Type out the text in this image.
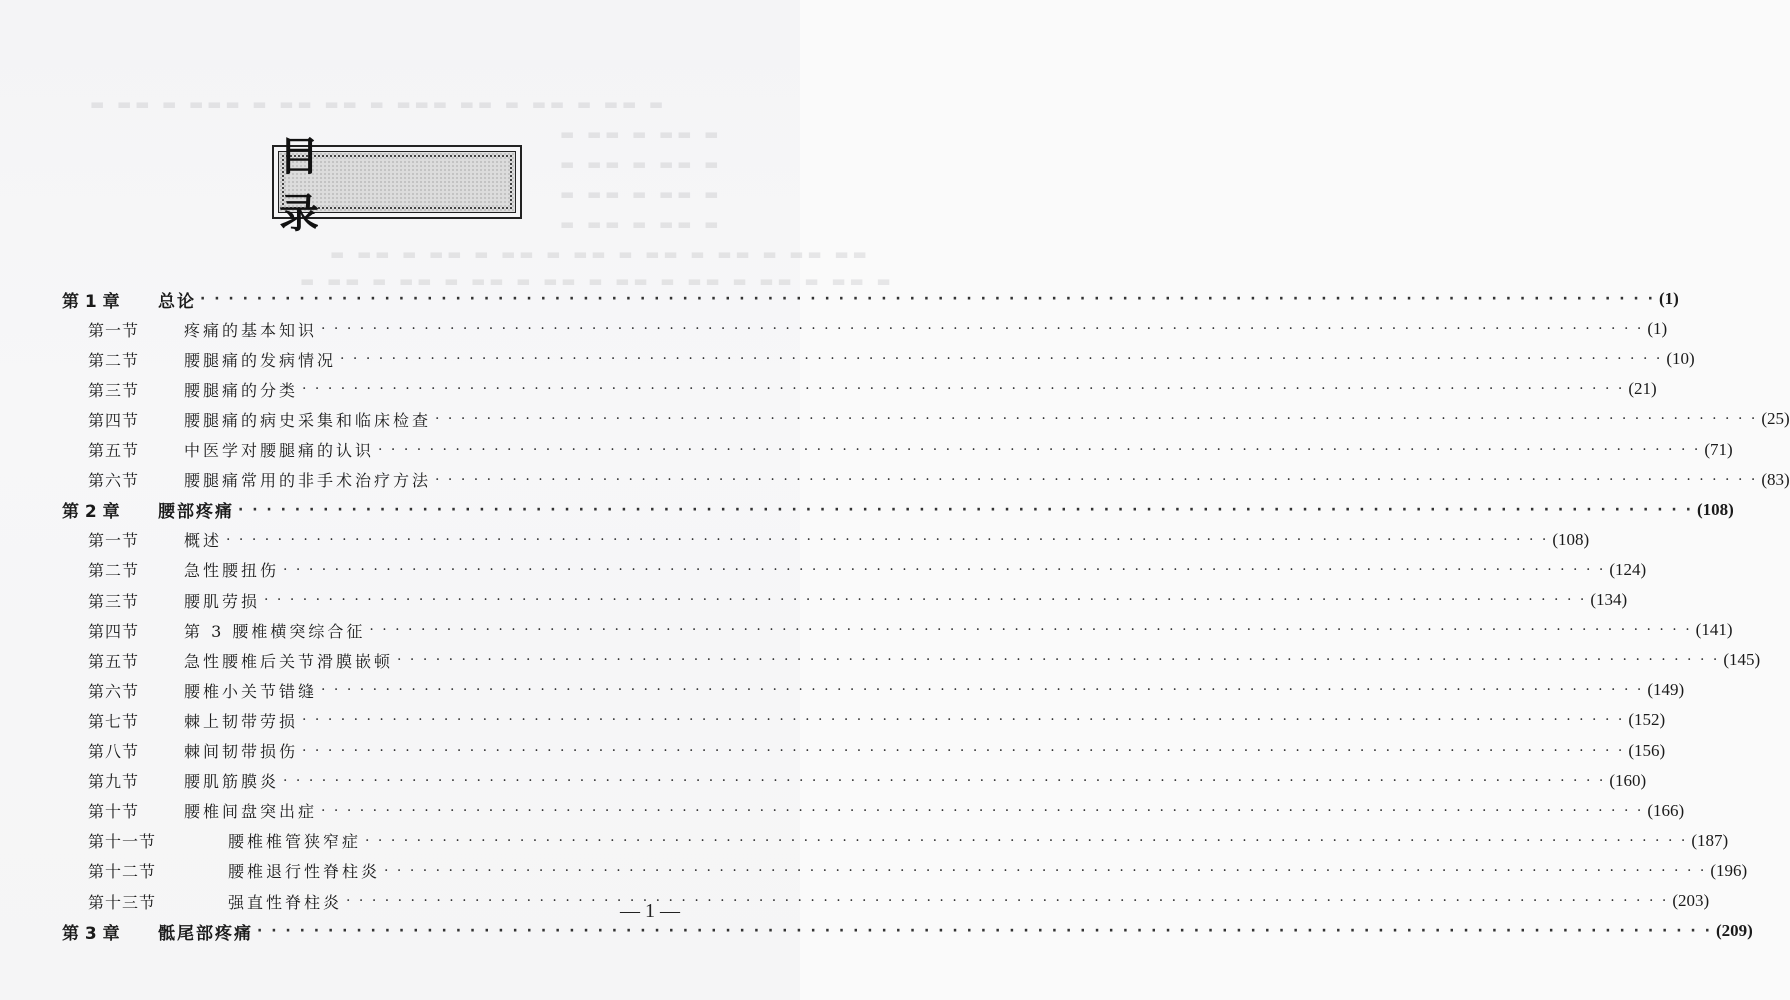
▬ ▬▬ ▬ ▬▬▬ ▬ ▬▬ ▬▬ ▬ ▬▬▬ ▬▬ ▬ ▬▬ ▬ ▬▬ ▬
▬ ▬▬ ▬ ▬▬ ▬
▬ ▬▬ ▬ ▬▬ ▬
▬ ▬▬ ▬ ▬▬ ▬
▬ ▬▬ ▬ ▬▬ ▬
▬ ▬▬ ▬ ▬▬ ▬ ▬▬ ▬ ▬▬ ▬ ▬▬ ▬ ▬▬ ▬ ▬▬ ▬▬
▬ ▬▬ ▬ ▬▬ ▬ ▬▬ ▬ ▬▬ ▬ ▬▬ ▬ ▬▬ ▬ ▬▬ ▬ ▬▬ ▬
目　录
第 1 章	总论 · · ·	(1)
第一节	疼痛的基本知识 · · ·	(1)
第二节	腰腿痛的发病情况 · · ·	(10)
第三节	腰腿痛的分类 · · ·	(21)
第四节	腰腿痛的病史采集和临床检查 · · ·	(25)
第五节	中医学对腰腿痛的认识 · · ·	(71)
第六节	腰腿痛常用的非手术治疗方法 · · ·	(83)
第 2 章	腰部疼痛 · · ·	(108)
第一节	概述 · · ·	(108)
第二节	急性腰扭伤 · · ·	(124)
第三节	腰肌劳损 · · ·	(134)
第四节	第 3 腰椎横突综合征 · · ·	(141)
第五节	急性腰椎后关节滑膜嵌顿 · · ·	(145)
第六节	腰椎小关节错缝 · · ·	(149)
第七节	棘上韧带劳损 · · ·	(152)
第八节	棘间韧带损伤 · · ·	(156)
第九节	腰肌筋膜炎 · · ·	(160)
第十节	腰椎间盘突出症 · · ·	(166)
第十一节	腰椎椎管狭窄症 · · ·	(187)
第十二节	腰椎退行性脊柱炎 · · ·	(196)
第十三节	强直性脊柱炎 · · ·	(203)
第 3 章	骶尾部疼痛 · · ·	(209)
— 1 —
